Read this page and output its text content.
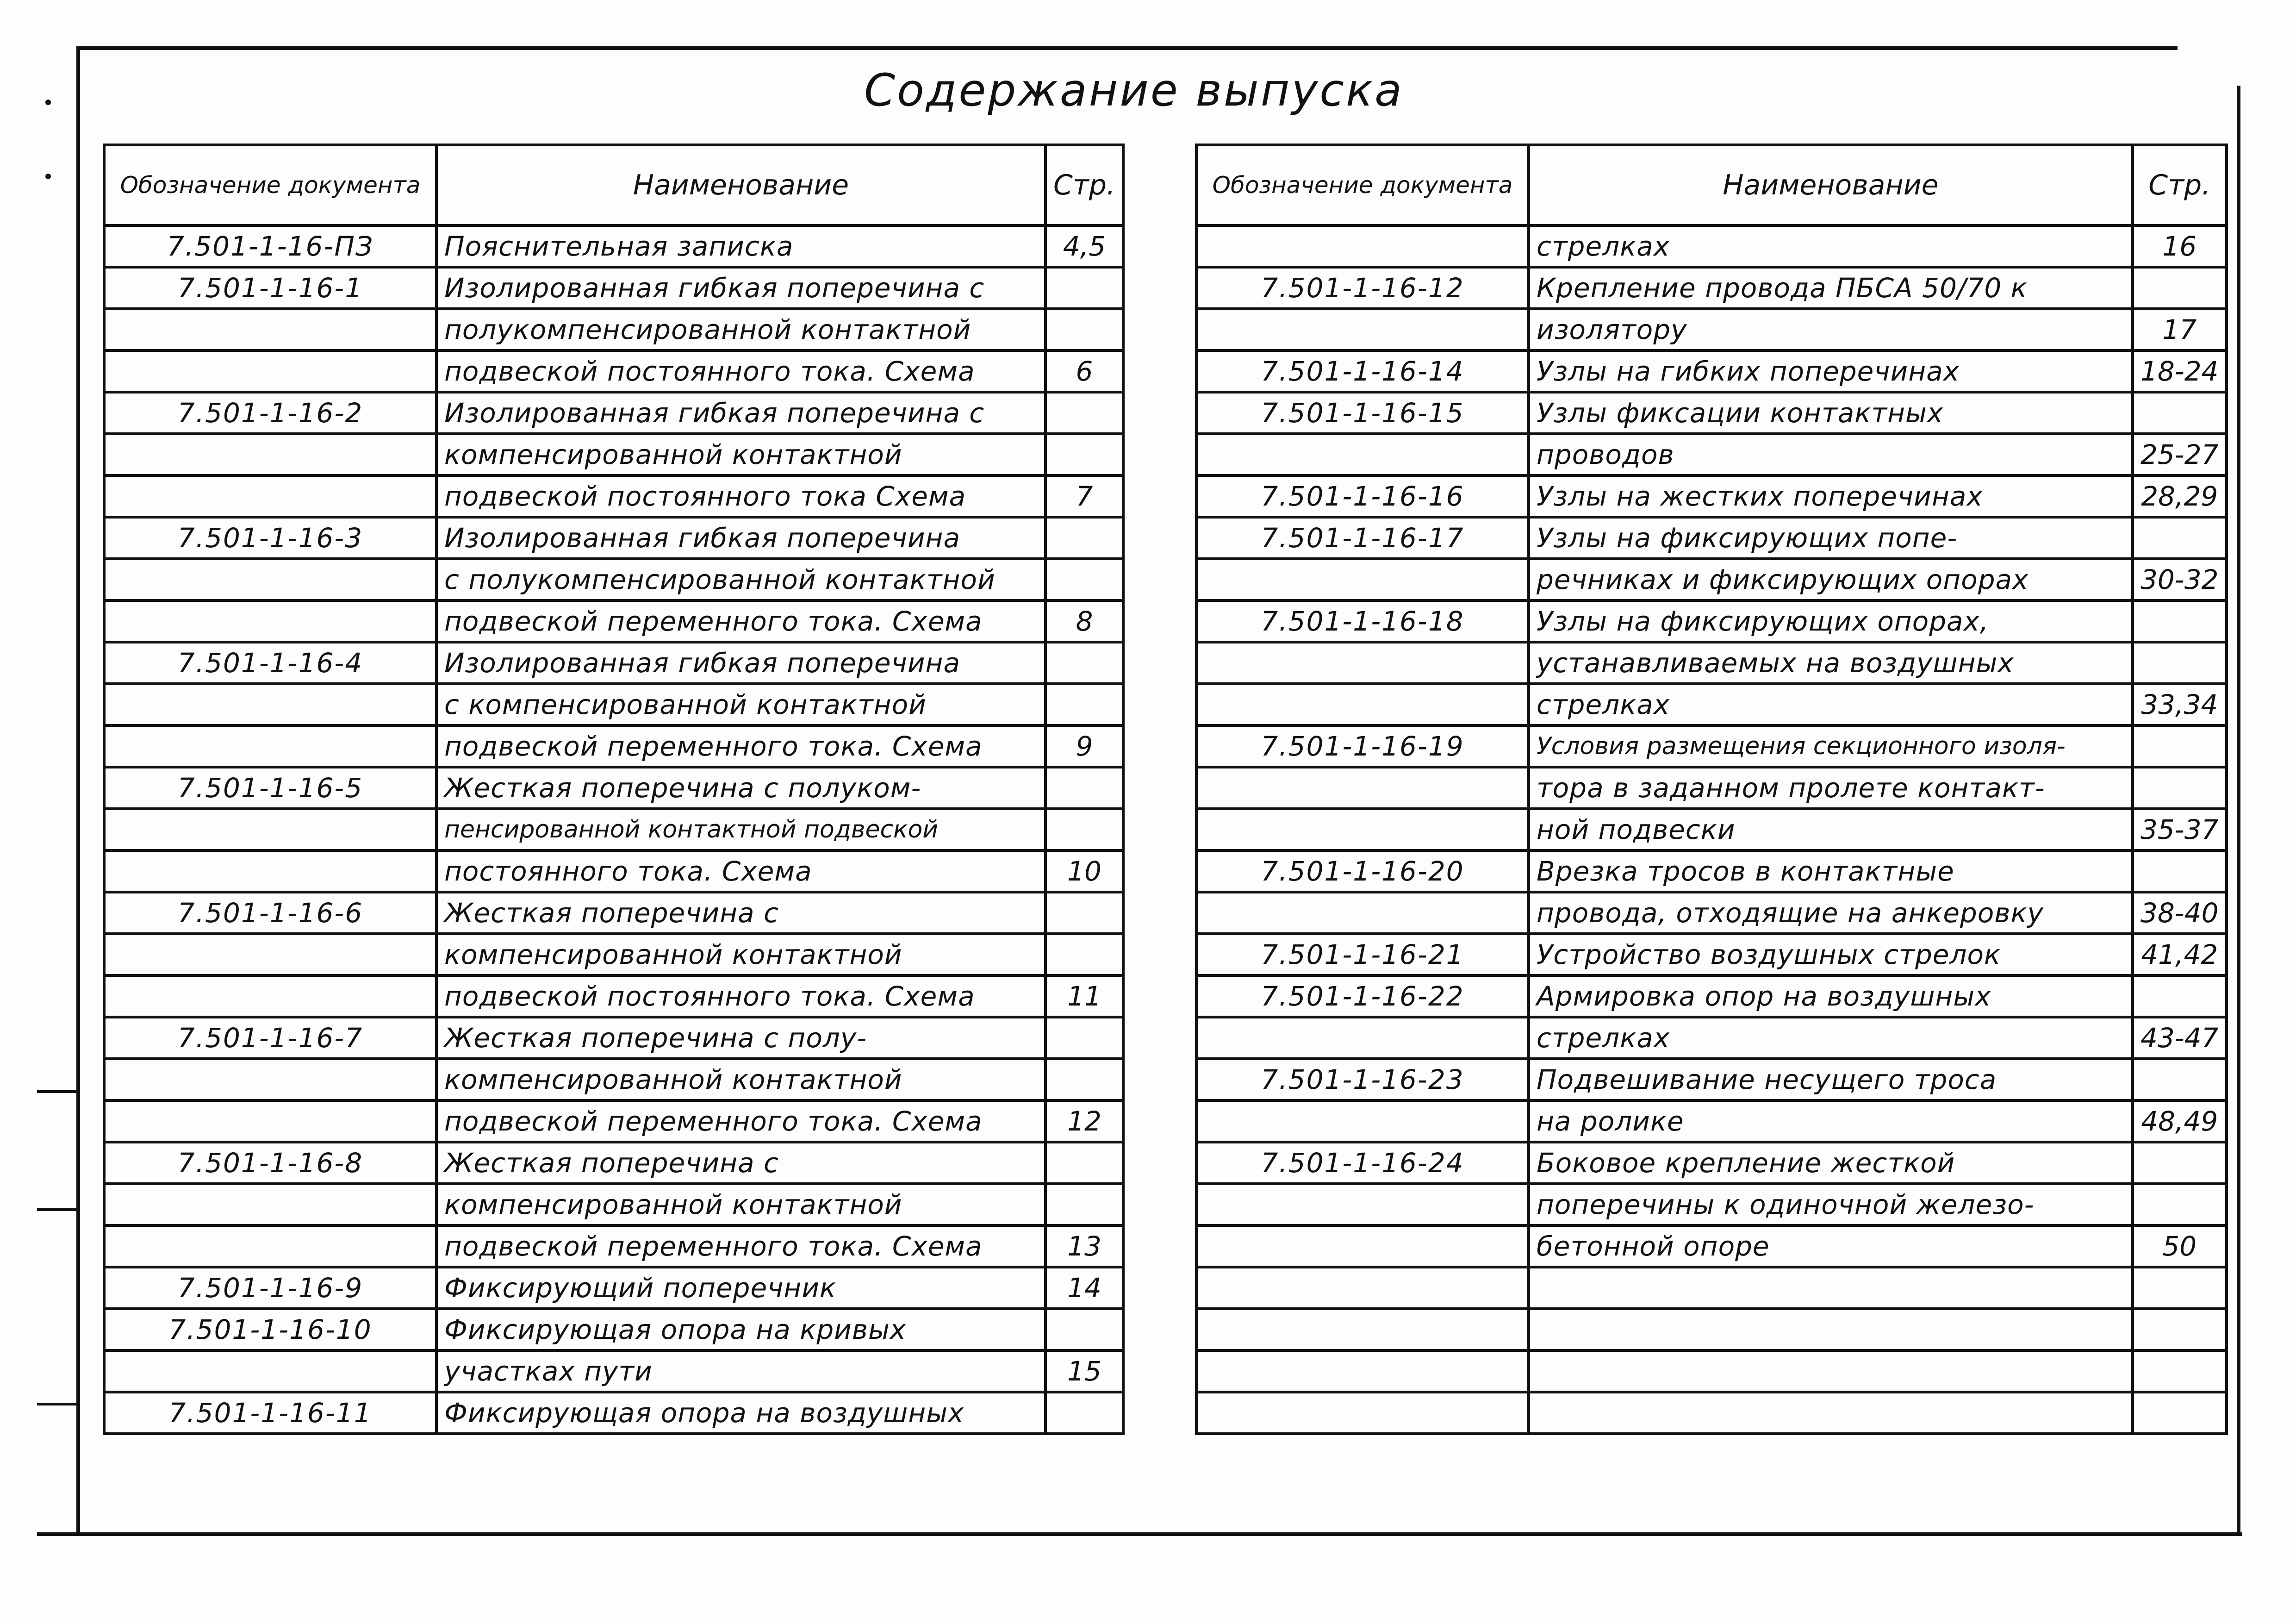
Содержание выпуска
Обозначение документа	Наименование	Стр.
7.501-1-16-ПЗ	Пояснительная записка	4,5
7.501-1-16-1	Изолированная гибкая поперечина с	
	полукомпенсированной контактной	
	подвеской постоянного тока. Схема	6
7.501-1-16-2	Изолированная гибкая поперечина с	
	компенсированной контактной	
	подвеской постоянного тока Схема	7
7.501-1-16-3	Изолированная гибкая поперечина	
	с полукомпенсированной контактной	
	подвеской переменного тока. Схема	8
7.501-1-16-4	Изолированная гибкая поперечина	
	с компенсированной контактной	
	подвеской переменного тока. Схема	9
7.501-1-16-5	Жесткая поперечина с полуком-	
	пенсированной контактной подвеской	
	постоянного тока. Схема	10
7.501-1-16-6	Жесткая поперечина с	
	компенсированной контактной	
	подвеской постоянного тока. Схема	11
7.501-1-16-7	Жесткая поперечина с полу-	
	компенсированной контактной	
	подвеской переменного тока. Схема	12
7.501-1-16-8	Жесткая поперечина с	
	компенсированной контактной	
	подвеской переменного тока. Схема	13
7.501-1-16-9	Фиксирующий поперечник	14
7.501-1-16-10	Фиксирующая опора на кривых	
	участках пути	15
7.501-1-16-11	Фиксирующая опора на воздушных	
Обозначение документа	Наименование	Стр.
	стрелках	16
7.501-1-16-12	Крепление провода ПБСА 50/70 к	
	изолятору	17
7.501-1-16-14	Узлы на гибких поперечинах	18-24
7.501-1-16-15	Узлы фиксации контактных	
	проводов	25-27
7.501-1-16-16	Узлы на жестких поперечинах	28,29
7.501-1-16-17	Узлы на фиксирующих попе-	
	речниках и фиксирующих опорах	30-32
7.501-1-16-18	Узлы на фиксирующих опорах,	
	устанавливаемых на воздушных	
	стрелках	33,34
7.501-1-16-19	Условия размещения секционного изоля-	
	тора в заданном пролете контакт-	
	ной подвески	35-37
7.501-1-16-20	Врезка тросов в контактные	
	провода, отходящие на анкеровку	38-40
7.501-1-16-21	Устройство воздушных стрелок	41,42
7.501-1-16-22	Армировка опор на воздушных	
	стрелках	43-47
7.501-1-16-23	Подвешивание несущего троса	
	на ролике	48,49
7.501-1-16-24	Боковое крепление жесткой	
	поперечины к одиночной железо-	
	бетонной опоре	50
